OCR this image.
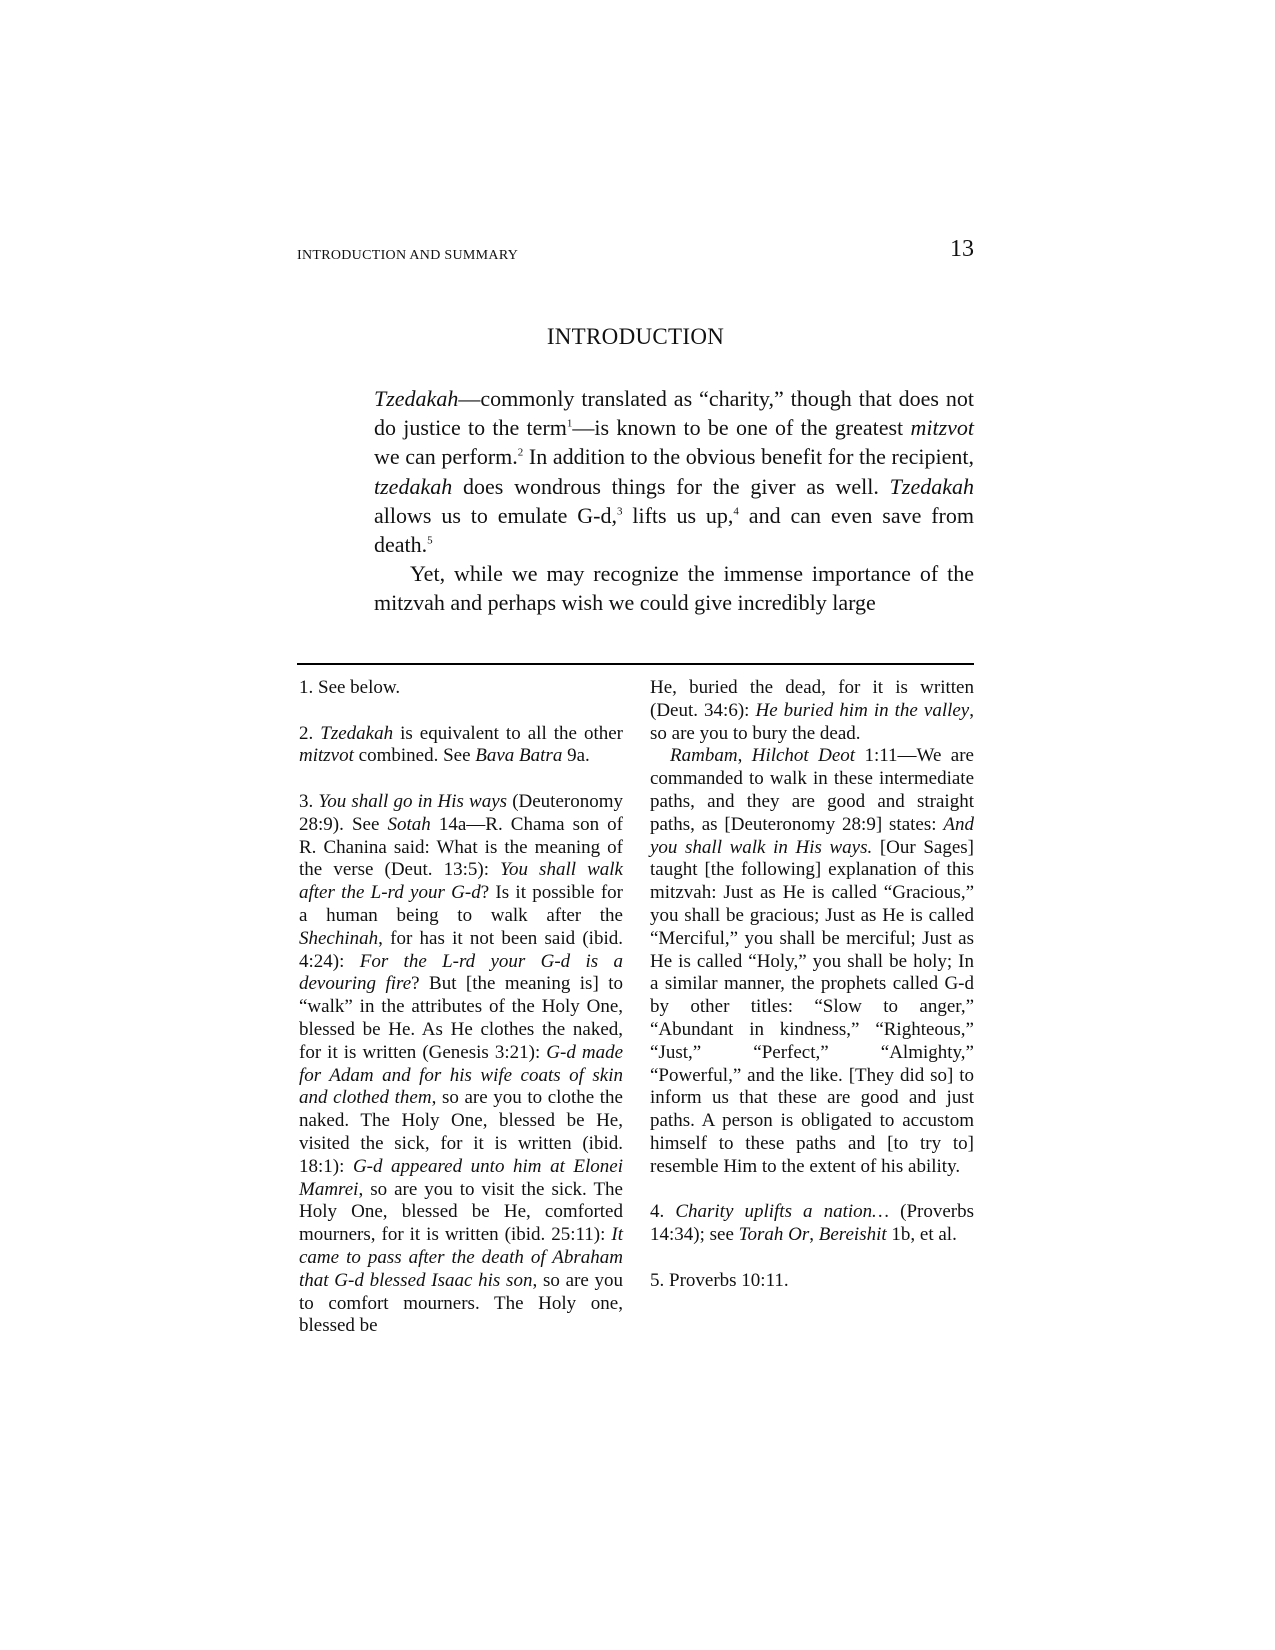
INTRODUCTION AND SUMMARY	13
INTRODUCTION

Tzedakah—commonly translated as “charity,” though that does not do justice to the term$^1$—is known to be one of the greatest mitzvot we can perform.$^2$ In addition to the obvious benefit for the recipient, tzedakah does wondrous things for the giver as well. Tzedakah allows us to emulate G-d,$^3$ lifts us up,$^4$ and can even save from death.$^5$

Yet, while we may recognize the immense importance of the mitzvah and perhaps wish we could give incredibly large

1. See below.

2. Tzedakah is equivalent to all the other mitzvot combined. See Bava Batra 9a.

3. You shall go in His ways (Deuteronomy 28:9). See Sotah 14a—R. Chama son of R. Chanina said: What is the meaning of the verse (Deut. 13:5): You shall walk after the L-rd your G-d? Is it possible for a human being to walk after the Shechinah, for has it not been said (ibid. 4:24): For the L-rd your G-d is a devouring fire? But [the meaning is] to “walk” in the attributes of the Holy One, blessed be He. As He clothes the naked, for it is written (Genesis 3:21): G-d made for Adam and for his wife coats of skin and clothed them, so are you to clothe the naked. The Holy One, blessed be He, visited the sick, for it is written (ibid. 18:1): G-d appeared unto him at Elonei Mamrei, so are you to visit the sick. The Holy One, blessed be He, comforted mourners, for it is written (ibid. 25:11): It came to pass after the death of Abraham that G-d blessed Isaac his son, so are you to comfort mourners. The Holy one, blessed be

He, buried the dead, for it is written (Deut. 34:6): He buried him in the valley, so are you to bury the dead.

Rambam, Hilchot Deot 1:11—We are commanded to walk in these intermediate paths, and they are good and straight paths, as [Deuteronomy 28:9] states: And you shall walk in His ways. [Our Sages] taught [the following] explanation of this mitzvah: Just as He is called “Gracious,” you shall be gracious; Just as He is called “Merciful,” you shall be merciful; Just as He is called “Holy,” you shall be holy; In a similar manner, the prophets called G-d by other titles: “Slow to anger,” “Abundant in kindness,” “Righteous,” “Just,” “Perfect,” “Almighty,” “Powerful,” and the like. [They did so] to inform us that these are good and just paths. A person is obligated to accustom himself to these paths and [to try to] resemble Him to the extent of his ability.

4. Charity uplifts a nation… (Proverbs 14:34); see Torah Or, Bereishit 1b, et al.

5. Proverbs 10:11.
